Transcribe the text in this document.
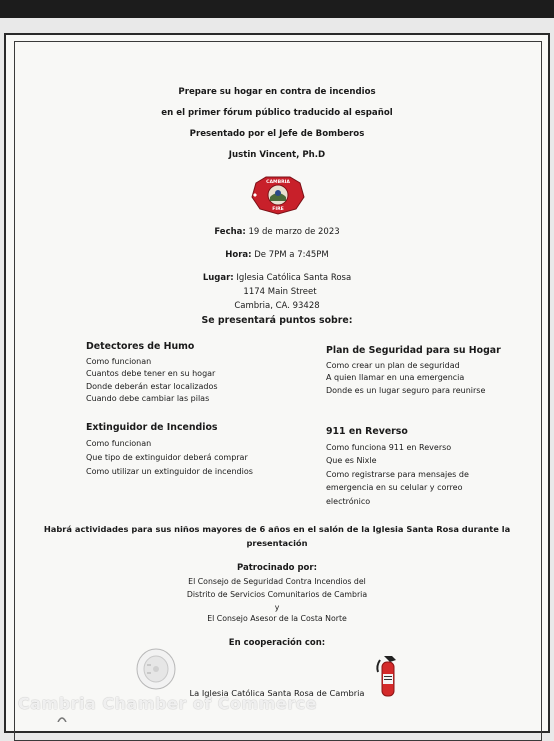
Prepare su hogar en contra de incendios
en el primer fórum público traducido al español
Presentado por el Jefe de Bomberos
Justin Vincent, Ph.D
CAMBRIA
FIRE
Fecha: 19 de marzo de 2023
Hora: De 7PM a 7:45PM
Lugar: Iglesia Católica Santa Rosa
1174 Main Street
Cambria, CA. 93428
Se presentará puntos sobre:
Detectores de Humo
Como funcionan
Cuantos debe tener en su hogar
Donde deberán estar localizados
Cuando debe cambiar las pilas
Plan de Seguridad para su Hogar
Como crear un plan de seguridad
A quien llamar en una emergencia
Donde es un lugar seguro para reunirse
Extinguidor de Incendios
Como funcionan
Que tipo de extinguidor deberá comprar
Como utilizar un extinguidor de incendios
911 en Reverso
Como funciona 911 en Reverso
Que es Nixle
Como registrarse para mensajes de
emergencia en su celular y correo
electrónico
Habrá actividades para sus niños mayores de 6 años en el salón de la Iglesia Santa Rosa durante la
presentación
Patrocinado por:
El Consejo de Seguridad Contra Incendios del
Distrito de Servicios Comunitarios de Cambria
y
El Consejo Asesor de la Costa Norte
En cooperación con:
La Iglesia Católica Santa Rosa de Cambria
Cambria Chamber of Commerce
